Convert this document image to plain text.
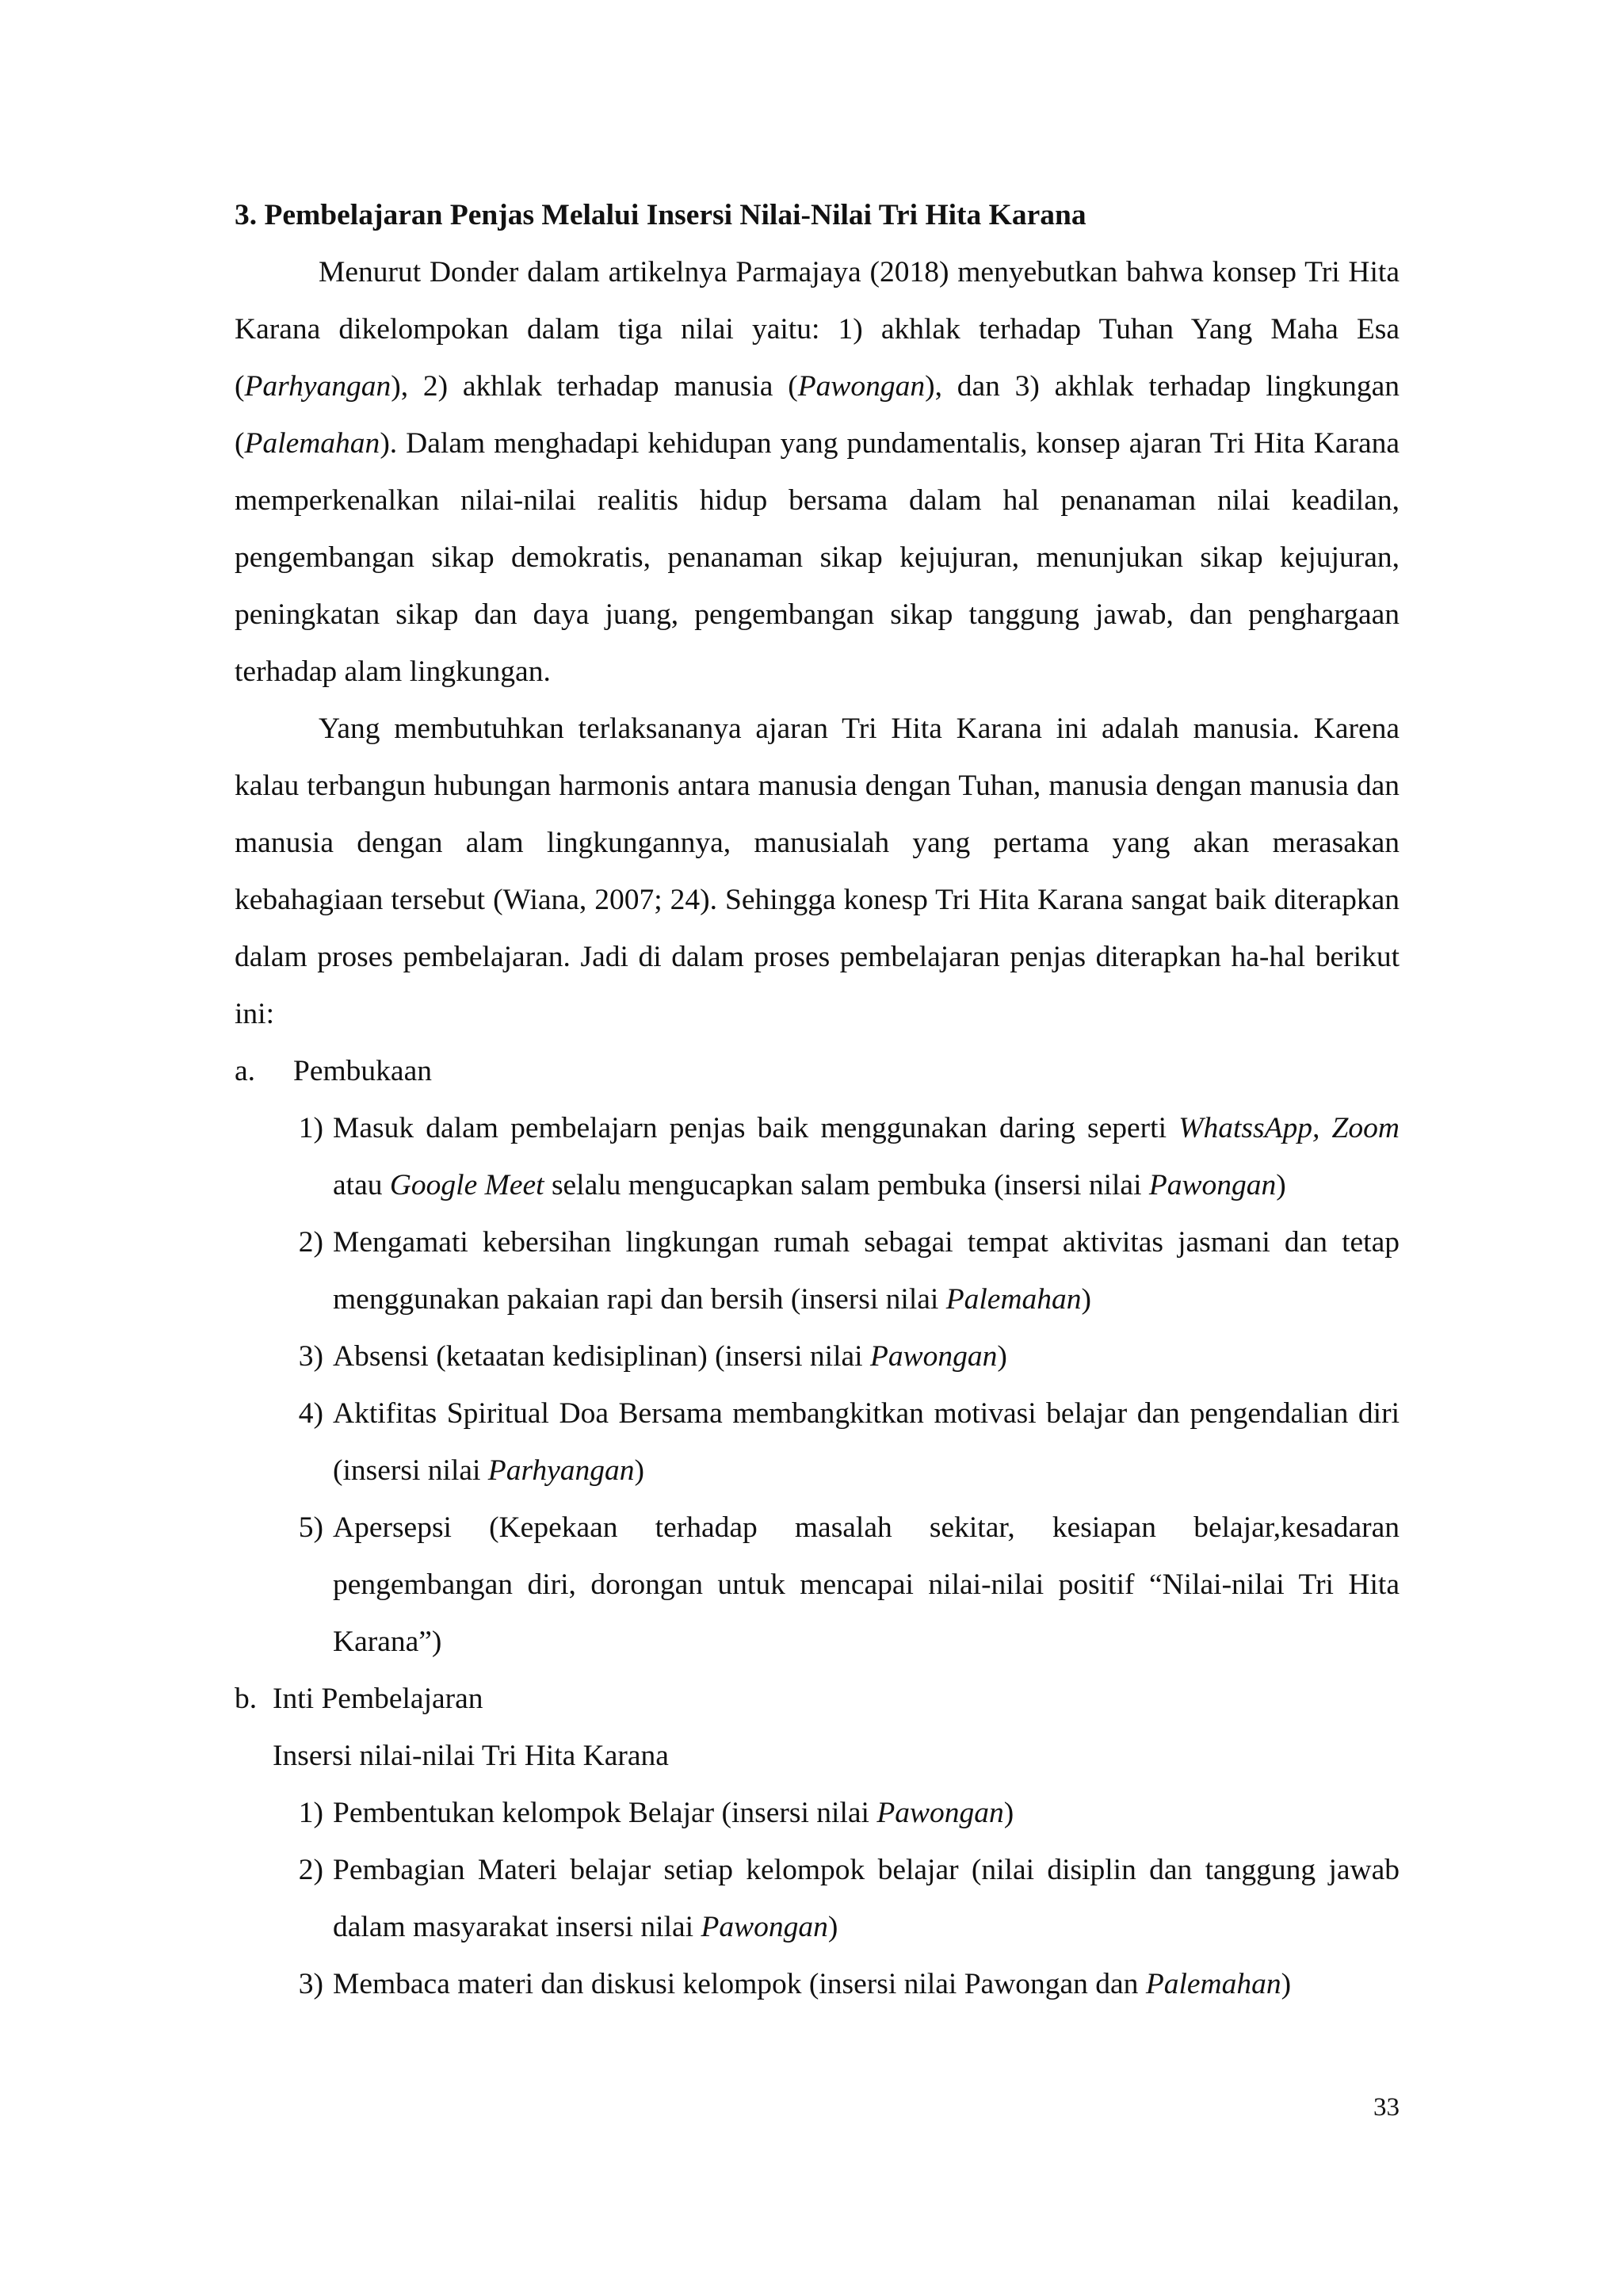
3. Pembelajaran Penjas Melalui Insersi Nilai-Nilai Tri Hita Karana

Menurut Donder dalam artikelnya Parmajaya (2018) menyebutkan bahwa konsep Tri Hita Karana dikelompokan dalam tiga nilai yaitu: 1) akhlak terhadap Tuhan Yang Maha Esa (Parhyangan), 2) akhlak terhadap manusia (Pawongan), dan 3) akhlak terhadap lingkungan (Palemahan). Dalam menghadapi kehidupan yang pundamentalis, konsep ajaran Tri Hita Karana memperkenalkan nilai-nilai realitis hidup bersama dalam hal penanaman nilai keadilan, pengembangan sikap demokratis, penanaman sikap kejujuran, menunjukan sikap kejujuran, peningkatan sikap dan daya juang, pengembangan sikap tanggung jawab, dan penghargaan terhadap alam lingkungan.

Yang membutuhkan terlaksananya ajaran Tri Hita Karana ini adalah manusia. Karena kalau terbangun hubungan harmonis antara manusia dengan Tuhan, manusia dengan manusia dan manusia dengan alam lingkungannya, manusialah yang pertama yang akan merasakan kebahagiaan tersebut (Wiana, 2007; 24). Sehingga konesp Tri Hita Karana sangat baik diterapkan dalam proses pembelajaran. Jadi di dalam proses pembelajaran penjas diterapkan ha-hal berikut ini:

a.	Pembukaan
1) Masuk dalam pembelajarn penjas baik menggunakan daring seperti WhatssApp, Zoom atau Google Meet selalu mengucapkan salam pembuka (insersi nilai Pawongan)
2) Mengamati kebersihan lingkungan rumah sebagai tempat aktivitas jasmani dan tetap menggunakan pakaian rapi dan bersih (insersi nilai Palemahan)
3) Absensi (ketaatan kedisiplinan) (insersi nilai Pawongan)
4) Aktifitas Spiritual Doa Bersama membangkitkan motivasi belajar dan pengendalian diri (insersi nilai Parhyangan)
5) Apersepsi (Kepekaan terhadap masalah sekitar, kesiapan belajar,kesadaran pengembangan diri, dorongan untuk mencapai nilai-nilai positif “Nilai-nilai Tri Hita Karana”)
b. Inti Pembelajaran
Insersi nilai-nilai Tri Hita Karana
1) Pembentukan kelompok Belajar (insersi nilai Pawongan)
2) Pembagian Materi belajar setiap kelompok belajar (nilai disiplin dan tanggung jawab dalam masyarakat insersi nilai Pawongan)
3) Membaca materi dan diskusi kelompok (insersi nilai Pawongan dan Palemahan)
33
